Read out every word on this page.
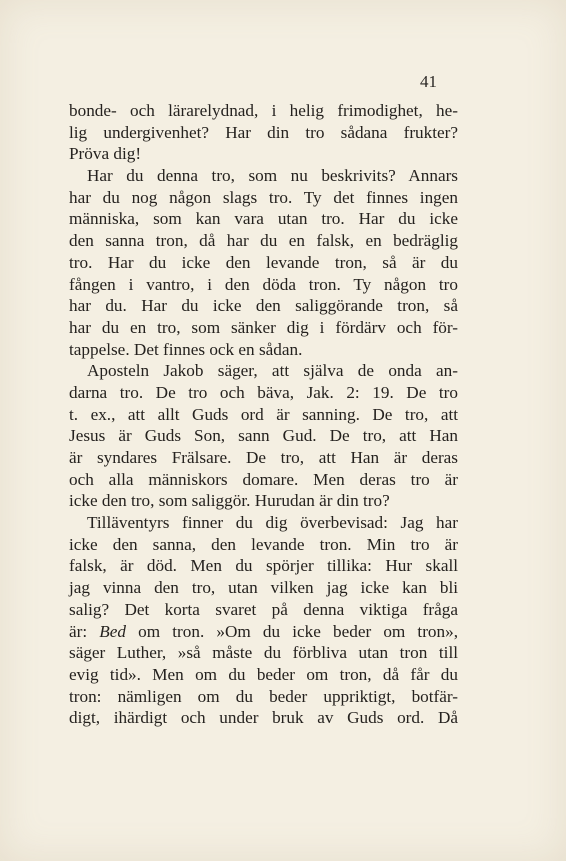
41
bonde- och lärarelydnad, i helig frimodighet, he-
lig undergivenhet? Har din tro sådana frukter?
Pröva dig!
Har du denna tro, som nu beskrivits? Annars
har du nog någon slags tro. Ty det finnes ingen
människa, som kan vara utan tro. Har du icke
den sanna tron, då har du en falsk, en bedräglig
tro. Har du icke den levande tron, så är du
fången i vantro, i den döda tron. Ty någon tro
har du. Har du icke den saliggörande tron, så
har du en tro, som sänker dig i fördärv och för-
tappelse. Det finnes ock en sådan.
Aposteln Jakob säger, att själva de onda an-
darna tro. De tro och bäva, Jak. 2: 19. De tro
t. ex., att allt Guds ord är sanning. De tro, att
Jesus är Guds Son, sann Gud. De tro, att Han
är syndares Frälsare. De tro, att Han är deras
och alla människors domare. Men deras tro är
icke den tro, som saliggör. Hurudan är din tro?
Tilläventyrs finner du dig överbevisad: Jag har
icke den sanna, den levande tron. Min tro är
falsk, är död. Men du spörjer tillika: Hur skall
jag vinna den tro, utan vilken jag icke kan bli
salig? Det korta svaret på denna viktiga fråga
är: Bed om tron. »Om du icke beder om tron»,
säger Luther, »så måste du förbliva utan tron till
evig tid». Men om du beder om tron, då får du
tron: nämligen om du beder uppriktigt, botfär-
digt, ihärdigt och under bruk av Guds ord. Då
